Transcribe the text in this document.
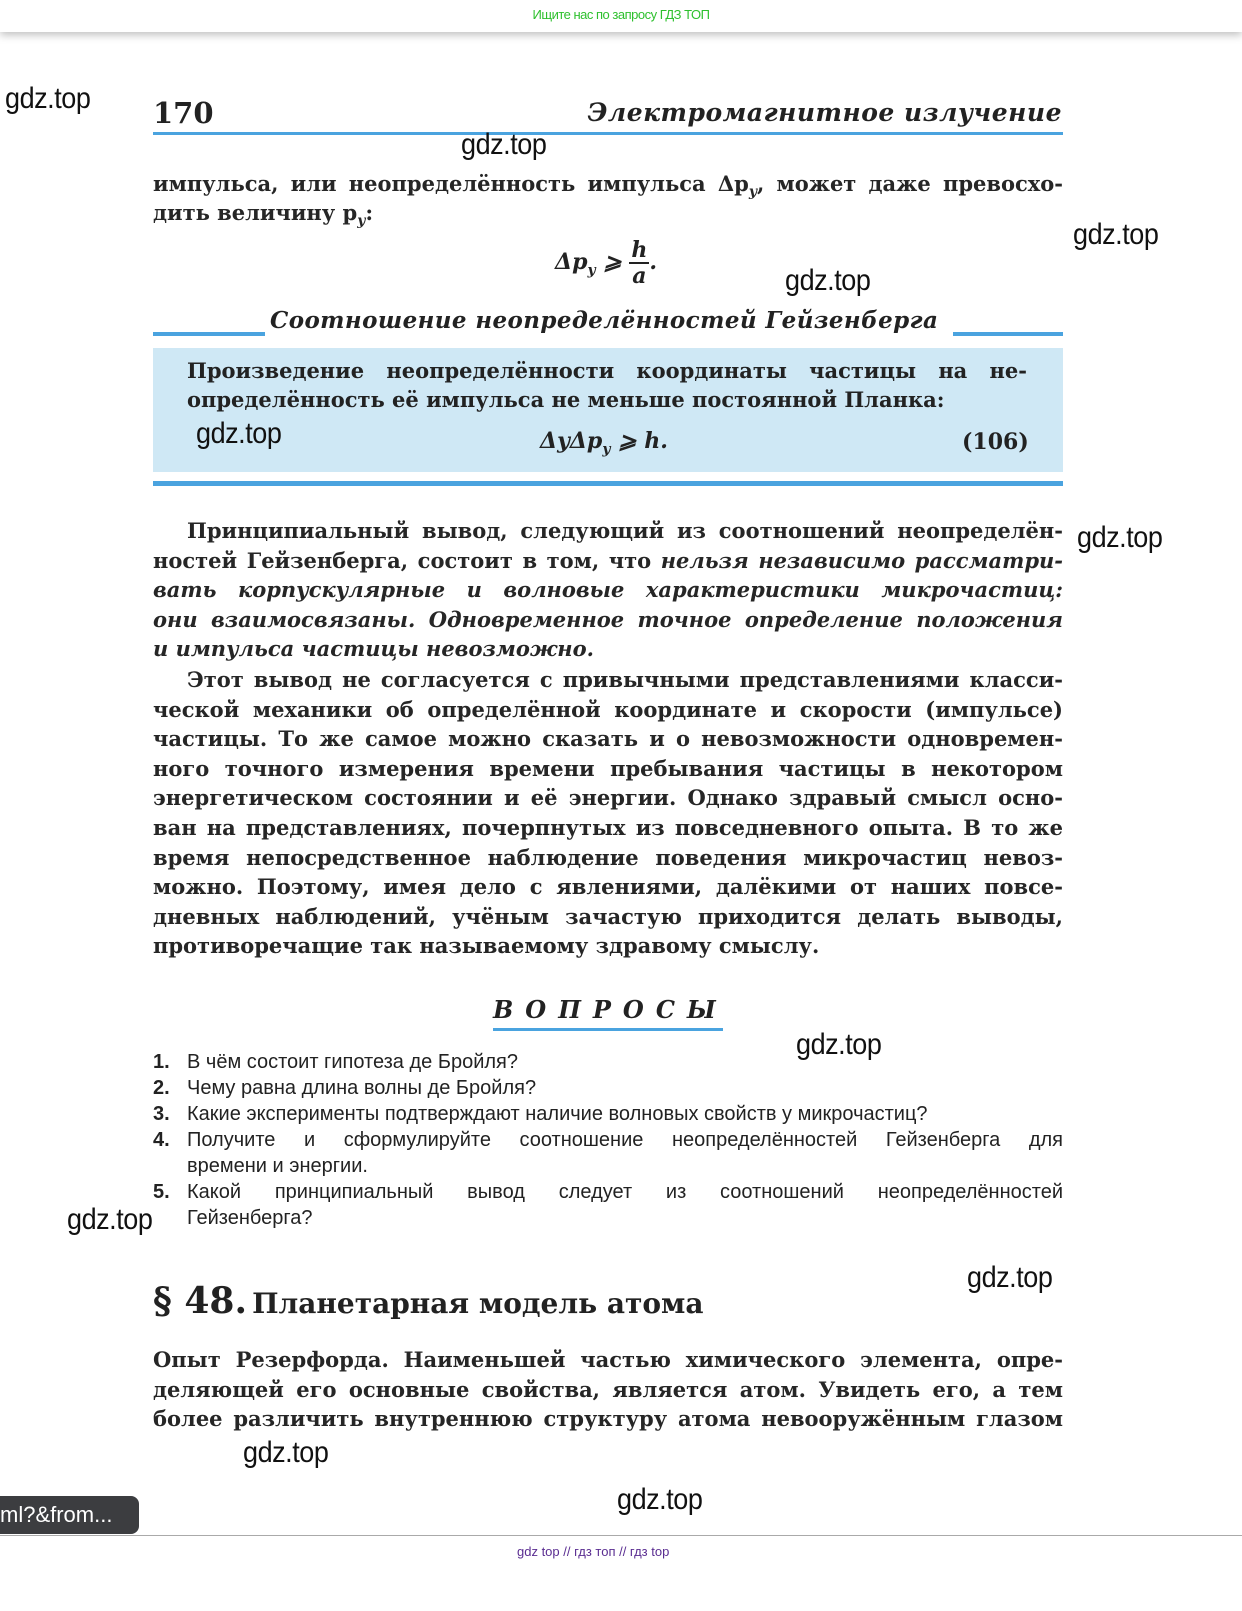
Ищите нас по запросу ГДЗ ТОП
170	Электромагнитное излучение
импульса, или неопределённость импульса $\Delta p_y$, может даже превосхо-
дить величину $p_y$:
$\Delta p_y$ ⩾ $\frac{h}{a}$ .
Соотношение неопределённостей Гейзенберга
Произведение неопределённости координаты частицы на не-
определённость её импульса не меньше постоянной Планка:
ΔyΔp$_y$ ⩾ h.	(106)
Принципиальный вывод, следующий из соотношений неопределён-
ностей Гейзенберга, состоит в том, что нельзя независимо рассматри-
вать корпускулярные и волновые характеристики микрочастиц:
они взаимосвязаны. Одновременное точное определение положения
и импульса частицы невозможно.
Этот вывод не согласуется с привычными представлениями класси-
ческой механики об определённой координате и скорости (импульсе)
частицы. То же самое можно сказать и о невозможности одновремен-
ного точного измерения времени пребывания частицы в некотором
энергетическом состоянии и её энергии. Однако здравый смысл осно-
ван на представлениях, почерпнутых из повседневного опыта. В то же
время непосредственное наблюдение поведения микрочастиц невоз-
можно. Поэтому, имея дело с явлениями, далёкими от наших повсе-
дневных наблюдений, учёным зачастую приходится делать выводы,
противоречащие так называемому здравому смыслу.
ВОПРОСЫ
1. В чём состоит гипотеза де Бройля?
2. Чему равна длина волны де Бройля?
3. Какие эксперименты подтверждают наличие волновых свойств у микрочастиц?
4. Получите и сформулируйте соотношение неопределённостей Гейзенберга для
времени и энергии.
5. Какой принципиальный вывод следует из соотношений неопределённостей
Гейзенберга?
§ 48. Планетарная модель атома
Опыт Резерфорда. Наименьшей частью химического элемента, опре-
деляющей его основные свойства, является атом. Увидеть его, а тем
более различить внутреннюю структуру атома невооружённым глазом
gdz.top
gdz.top
gdz.top
gdz.top
gdz.top
gdz.top
gdz.top
gdz.top
gdz.top
gdz.top
gdz.top
ml?&from...
gdz top // гдз топ // гдз top
